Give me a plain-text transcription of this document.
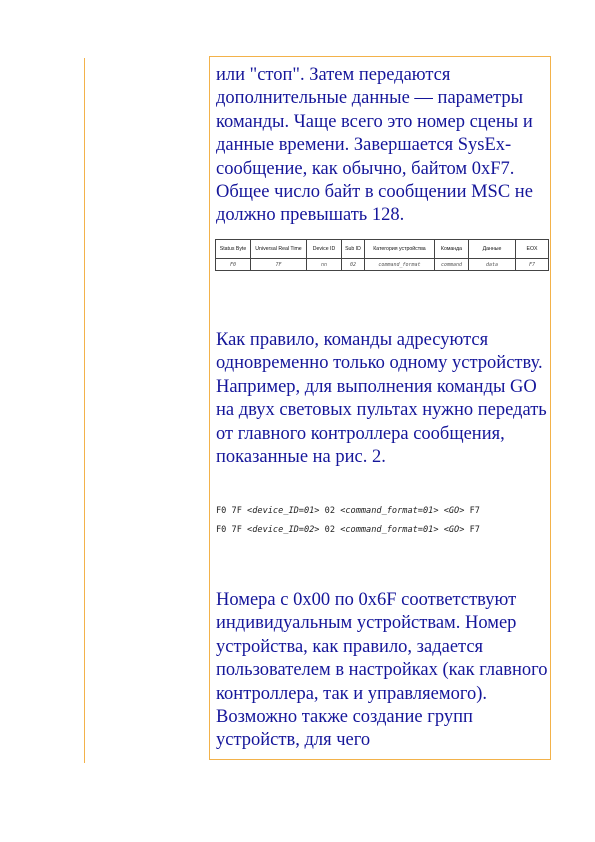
или "стоп". Затем передаются дополнительные данные — параметры команды. Чаще всего это номер сцены и данные времени. Завершается SysEx-сообщение, как обычно, байтом 0xF7. Общее число байт в сообщении MSC не должно превышать 128.

Status Byte	Universal Real Time	Device ID	Sub ID	Категория устройства	Команда	Данные	EOX
F0	7F	nn	02	command_format	command	data	F7

Как правило, команды адресуются одновременно только одному устройству. Например, для выполнения команды GO на двух световых пультах нужно передать от главного контроллера сообщения, показанные на рис. 2.

F0 7F <device_ID=01> 02 <command_format=01> <GO> F7
F0 7F <device_ID=02> 02 <command_format=01> <GO> F7

Номера с 0x00 по 0x6F соответствуют индивидуальным устройствам. Номер устройства, как правило, задается пользователем в настройках (как главного контроллера, так и управляемого). Возможно также создание групп устройств, для чего
